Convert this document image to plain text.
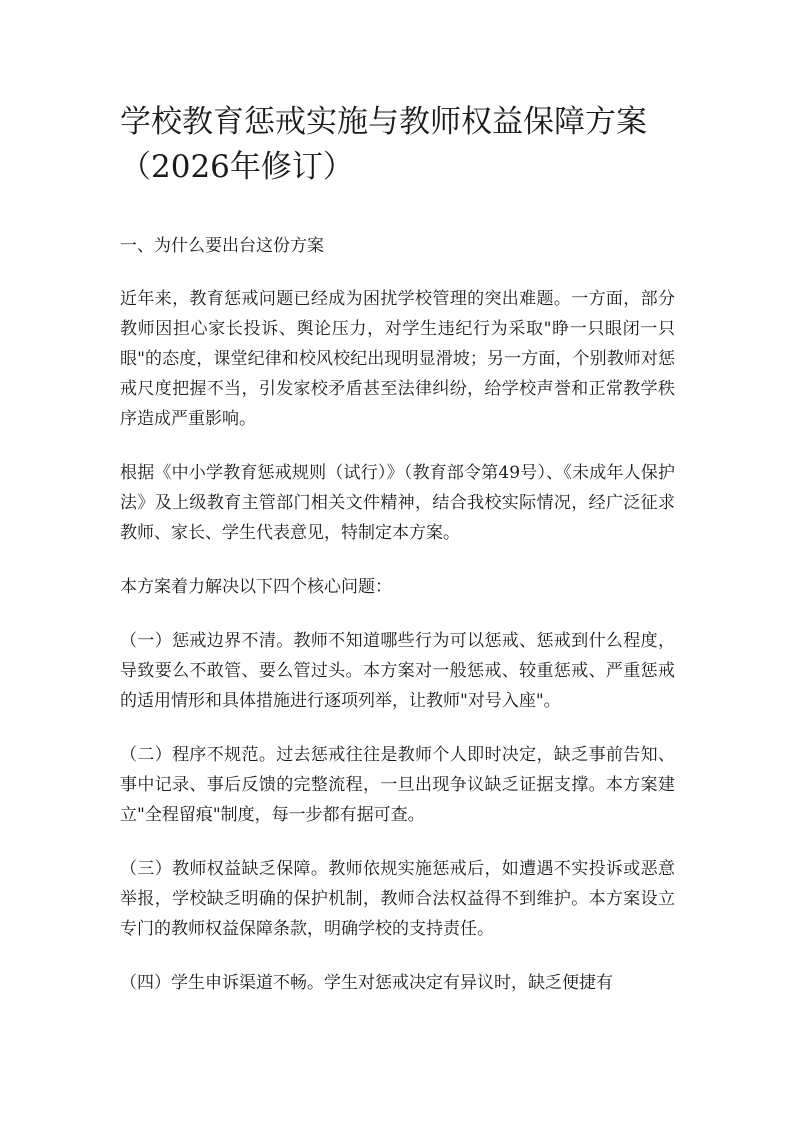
学校教育惩戒实施与教师权益保障方案（2026年修订）
一、为什么要出台这份方案

近年来，教育惩戒问题已经成为困扰学校管理的突出难题。一方面，部分教师因担心家长投诉、舆论压力，对学生违纪行为采取"睁一只眼闭一只眼"的态度，课堂纪律和校风校纪出现明显滑坡；另一方面，个别教师对惩戒尺度把握不当，引发家校矛盾甚至法律纠纷，给学校声誉和正常教学秩序造成严重影响。

根据《中小学教育惩戒规则（试行）》（教育部令第49号）、《未成年人保护法》及上级教育主管部门相关文件精神，结合我校实际情况，经广泛征求教师、家长、学生代表意见，特制定本方案。

本方案着力解决以下四个核心问题：

（一）惩戒边界不清。教师不知道哪些行为可以惩戒、惩戒到什么程度，导致要么不敢管、要么管过头。本方案对一般惩戒、较重惩戒、严重惩戒的适用情形和具体措施进行逐项列举，让教师"对号入座"。

（二）程序不规范。过去惩戒往往是教师个人即时决定，缺乏事前告知、事中记录、事后反馈的完整流程，一旦出现争议缺乏证据支撑。本方案建立"全程留痕"制度，每一步都有据可查。

（三）教师权益缺乏保障。教师依规实施惩戒后，如遭遇不实投诉或恶意举报，学校缺乏明确的保护机制，教师合法权益得不到维护。本方案设立专门的教师权益保障条款，明确学校的支持责任。

（四）学生申诉渠道不畅。学生对惩戒决定有异议时，缺乏便捷有
